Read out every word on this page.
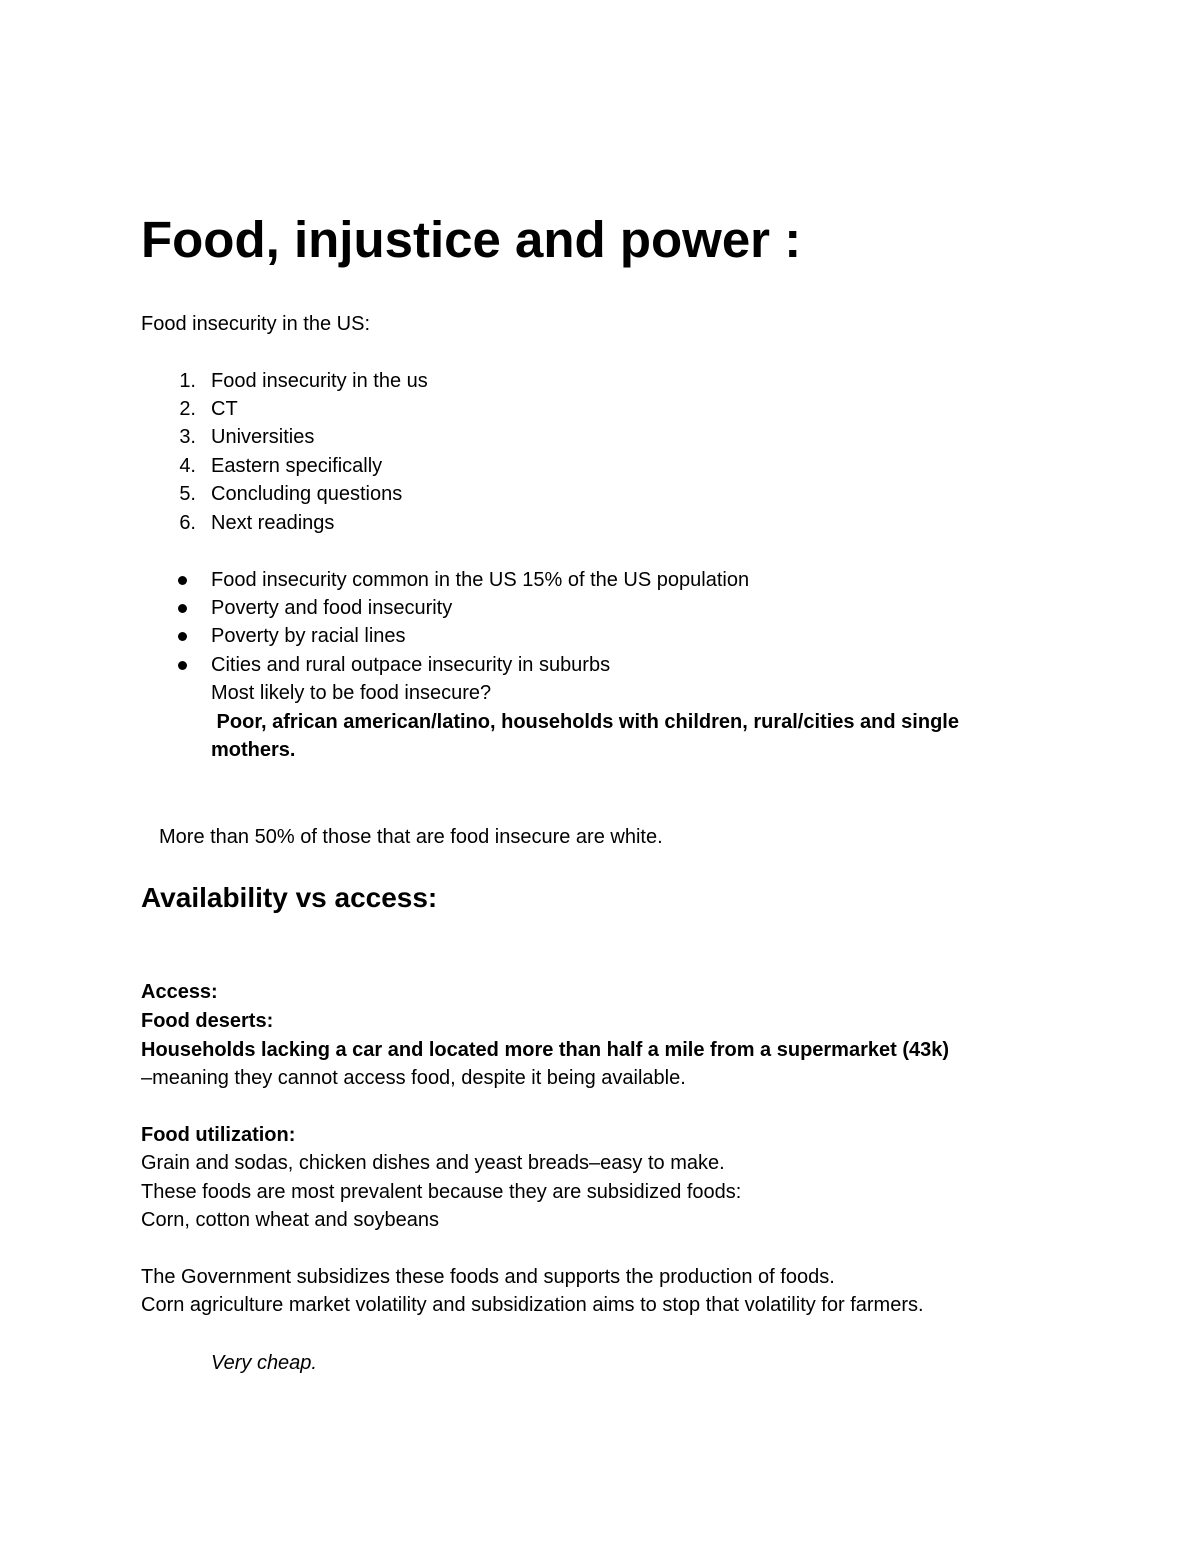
Food, injustice and power :
Food insecurity in the US:
1. Food insecurity in the us
2. CT
3. Universities
4. Eastern specifically
5. Concluding questions
6. Next readings
Food insecurity common in the US 15% of the US population
Poverty and food insecurity
Poverty by racial lines
Cities and rural outpace insecurity in suburbs
Most likely to be food insecure?
Poor, african american/latino, households with children, rural/cities and single
mothers.
More than 50% of those that are food insecure are white.
Availability vs access:
Access:
Food deserts:
Households lacking a car and located more than half a mile from a supermarket (43k)
–meaning they cannot access food, despite it being available.
Food utilization:
Grain and sodas, chicken dishes and yeast breads–easy to make.
These foods are most prevalent because they are subsidized foods:
Corn, cotton wheat and soybeans
The Government subsidizes these foods and supports the production of foods.
Corn agriculture market volatility and subsidization aims to stop that volatility for farmers.
Very cheap.
